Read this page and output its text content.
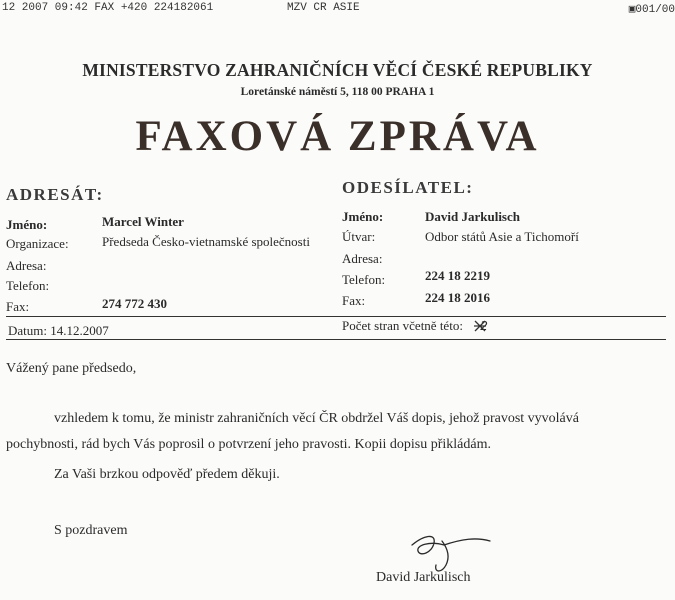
12 2007 09:42 FAX +420 224182061	MZV CR ASIE	▣001/00
MINISTERSTVO ZAHRANIČNÍCH VĚCÍ ČESKÉ REPUBLIKY
Loretánské náměstí 5, 118 00 PRAHA 1
FAXOVÁ ZPRÁVA
ADRESÁT:
Jméno:	Marcel Winter
Organizace:	Předseda Česko-vietnamské společnosti
Adresa:
Telefon:
Fax:	274 772 430
ODESÍLATEL:
Jméno:	David Jarkulisch
Útvar:	Odbor států Asie a Tichomoří
Adresa:
Telefon:	224 18 2219
Fax:	224 18 2016
Datum: 14.12.2007	Počet stran včetně této: 2
Vážený pane předsedo,
vzhledem k tomu, že ministr zahraničních věcí ČR obdržel Váš dopis, jehož pravost vyvolává
pochybnosti, rád bych Vás poprosil o potvrzení jeho pravosti. Kopii dopisu přikládám.
Za Vaši brzkou odpověď předem děkuji.
S pozdravem
David Jarkulisch
